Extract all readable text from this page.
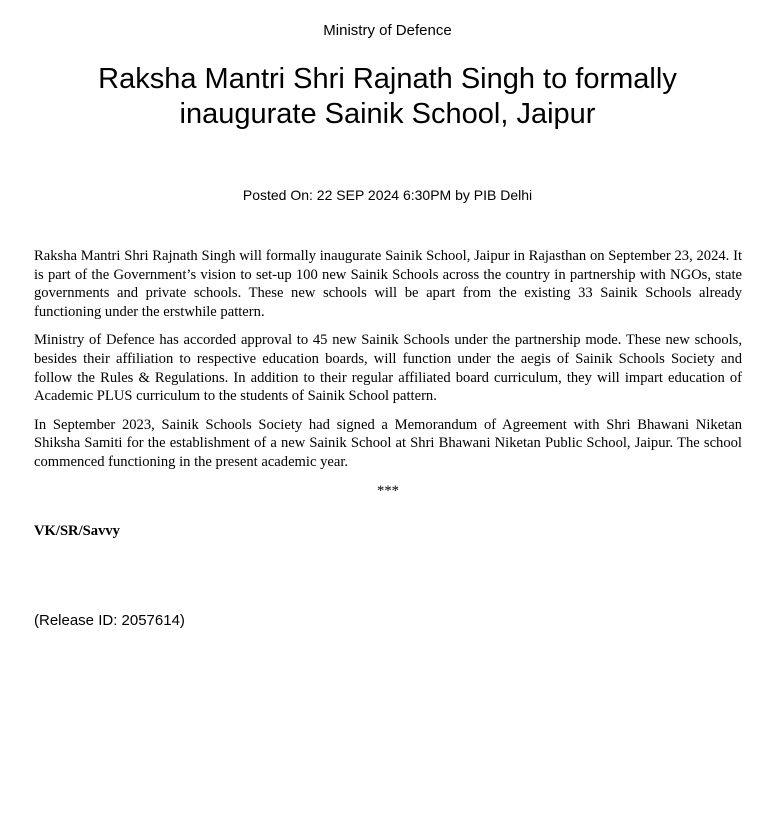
Ministry of Defence
Raksha Mantri Shri Rajnath Singh to formally inaugurate Sainik School, Jaipur
Posted On: 22 SEP 2024 6:30PM by PIB Delhi

Raksha Mantri Shri Rajnath Singh will formally inaugurate Sainik School, Jaipur in Rajasthan on September 23, 2024. It is part of the Government’s vision to set-up 100 new Sainik Schools across the country in partnership with NGOs, state governments and private schools. These new schools will be apart from the existing 33 Sainik Schools already functioning under the erstwhile pattern.

Ministry of Defence has accorded approval to 45 new Sainik Schools under the partnership mode. These new schools, besides their affiliation to respective education boards, will function under the aegis of Sainik Schools Society and follow the Rules & Regulations. In addition to their regular affiliated board curriculum, they will impart education of Academic PLUS curriculum to the students of Sainik School pattern.

In September 2023, Sainik Schools Society had signed a Memorandum of Agreement with Shri Bhawani Niketan Shiksha Samiti for the establishment of a new Sainik School at Shri Bhawani Niketan Public School, Jaipur. The school commenced functioning in the present academic year.

***

VK/SR/Savvy
(Release ID: 2057614)
